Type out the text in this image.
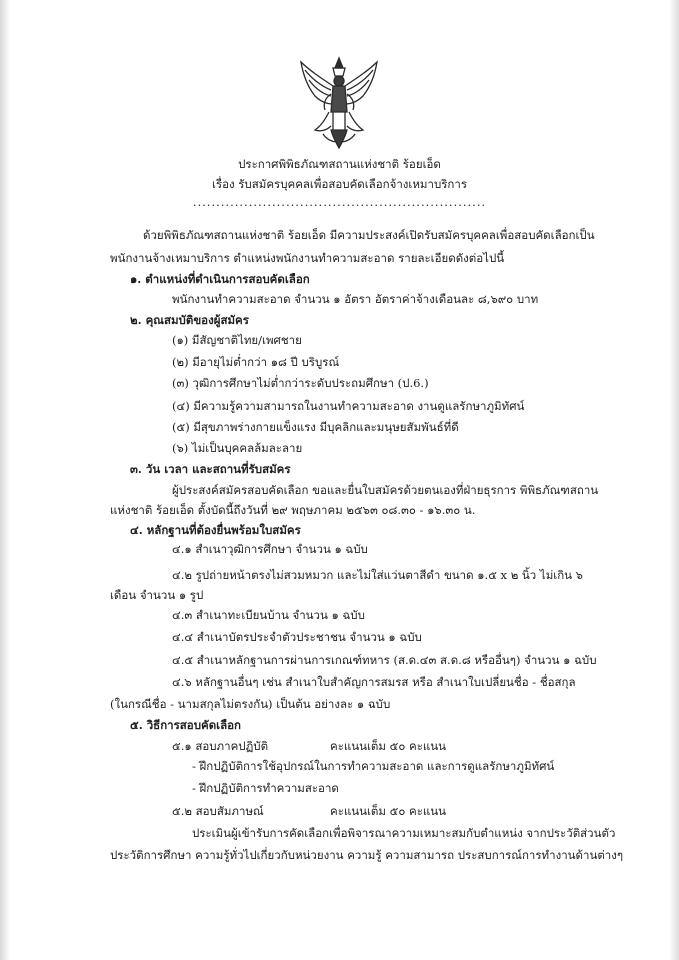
ประกาศพิพิธภัณฑสถานแห่งชาติ ร้อยเอ็ด
เรื่อง รับสมัครบุคคลเพื่อสอบคัดเลือกจ้างเหมาบริการ
...............................................................
ด้วยพิพิธภัณฑสถานแห่งชาติ ร้อยเอ็ด มีความประสงค์เปิดรับสมัครบุคคลเพื่อสอบคัดเลือกเป็น
พนักงานจ้างเหมาบริการ ตำแหน่งพนักงานทำความสะอาด รายละเอียดดังต่อไปนี้
๑. ตำแหน่งที่ดำเนินการสอบคัดเลือก
พนักงานทำความสะอาด จำนวน ๑ อัตรา อัตราค่าจ้างเดือนละ ๘,๖๙๐ บาท
๒. คุณสมบัติของผู้สมัคร
(๑) มีสัญชาติไทย/เพศชาย
(๒) มีอายุไม่ต่ำกว่า ๑๘ ปี บริบูรณ์
(๓) วุฒิการศึกษาไม่ต่ำกว่าระดับประถมศึกษา (ป.6.)
(๔) มีความรู้ความสามารถในงานทำความสะอาด งานดูแลรักษาภูมิทัศน์
(๕) มีสุขภาพร่างกายแข็งแรง มีบุคลิกและมนุษยสัมพันธ์ที่ดี
(๖) ไม่เป็นบุคคลล้มละลาย
๓. วัน เวลา และสถานที่รับสมัคร
ผู้ประสงค์สมัครสอบคัดเลือก ขอและยื่นใบสมัครด้วยตนเองที่ฝ่ายธุรการ พิพิธภัณฑสถาน
แห่งชาติ ร้อยเอ็ด ตั้งบัดนี้ถึงวันที่ ๒๙ พฤษภาคม ๒๕๖๓ ๐๘.๓๐ - ๑๖.๓๐ น.
๔. หลักฐานที่ต้องยื่นพร้อมใบสมัคร
๔.๑ สำเนาวุฒิการศึกษา จำนวน ๑ ฉบับ
๔.๒ รูปถ่ายหน้าตรงไม่สวมหมวก และไม่ใส่แว่นตาสีดำ ขนาด ๑.๕ x ๒ นิ้ว ไม่เกิน ๖
เดือน จำนวน ๑ รูป
๔.๓ สำเนาทะเบียนบ้าน จำนวน ๑ ฉบับ
๔.๔ สำเนาบัตรประจำตัวประชาชน จำนวน ๑ ฉบับ
๔.๕ สำเนาหลักฐานการผ่านการเกณฑ์ทหาร (ส.ด.๔๓ ส.ด.๘ หรืออื่นๆ) จำนวน ๑ ฉบับ
๔.๖ หลักฐานอื่นๆ เช่น สำเนาใบสำคัญการสมรส หรือ สำเนาใบเปลี่ยนชื่อ - ชื่อสกุล
(ในกรณีชื่อ - นามสกุลไม่ตรงกัน) เป็นต้น อย่างละ ๑ ฉบับ
๕. วิธีการสอบคัดเลือก
๕.๑ สอบภาคปฏิบัติ	คะแนนเต็ม ๕๐ คะแนน
- ฝึกปฏิบัติการใช้อุปกรณ์ในการทำความสะอาด และการดูแลรักษาภูมิทัศน์
- ฝึกปฏิบัติการทำความสะอาด
๕.๒ สอบสัมภาษณ์	คะแนนเต็ม ๕๐ คะแนน
ประเมินผู้เข้ารับการคัดเลือกเพื่อพิจารณาความเหมาะสมกับตำแหน่ง จากประวัติส่วนตัว
ประวัติการศึกษา ความรู้ทั่วไปเกี่ยวกับหน่วยงาน ความรู้ ความสามารถ ประสบการณ์การทำงานด้านต่างๆ
